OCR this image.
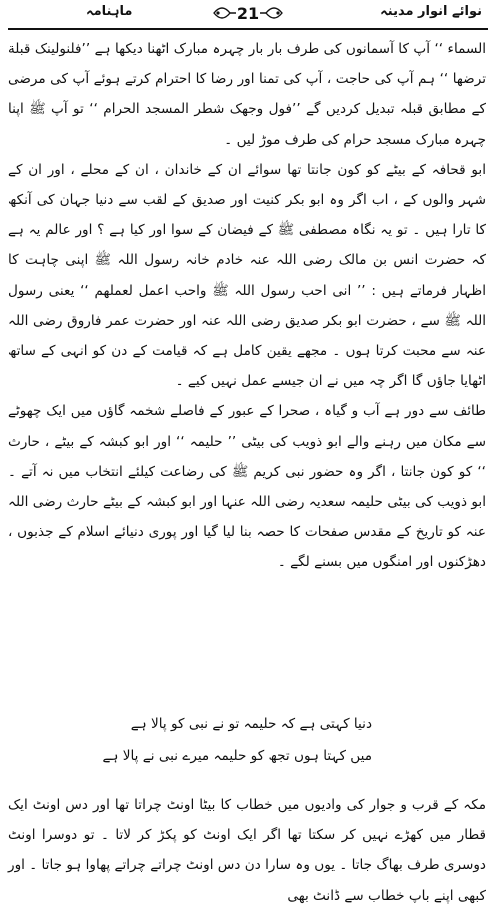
ماہنامہ	21	نوائے انوار مدینہ

السماء ‘‘ آپ کا آسمانوں کی طرف بار بار چہرہ مبارک اٹھنا دیکھا ہے ’’فلنولینک قبلة ترضھا ‘‘ ہم آپ کی حاجت ، آپ کی تمنا اور رضا کا احترام کرتے ہوئے آپ کی مرضی کے مطابق قبلہ تبدیل کردیں گے ’’فول وجھک شطر المسجد الحرام ‘‘ تو آپ ﷺ اپنا چہرہ مبارک مسجد حرام کی طرف موڑ لیں ۔

ابو قحافہ کے بیٹے کو کون جانتا تھا سوائے ان کے خاندان ، ان کے محلے ، اور ان کے شہر والوں کے ، اب اگر وہ ابو بکر کنیت اور صدیق کے لقب سے دنیا جہان کی آنکھ کا تارا ہیں ۔ تو یہ نگاہ مصطفی ﷺ کے فیضان کے سوا اور کیا ہے ؟ اور عالم یہ ہے کہ حضرت انس بن مالک رضی اللہ عنہ خادم خانہ رسول اللہ ﷺ اپنی چاہت کا اظہار فرماتے ہیں : ’’ انی احب رسول اللہ ﷺ واحب اعمل لعملھم ‘‘ یعنی رسول اللہ ﷺ سے ، حضرت ابو بکر صدیق رضی اللہ عنہ اور حضرت عمر فاروق رضی اللہ عنہ سے محبت کرتا ہوں ۔ مجھے یقین کامل ہے کہ قیامت کے دن کو انہی کے ساتھ اٹھایا جاؤں گا اگر چہ میں نے ان جیسے عمل نہیں کیے ۔

طائف سے دور ہے آب و گیاہ ، صحرا کے عبور کے فاصلے شخمہ گاؤں میں ایک چھوٹے سے مکان میں رہنے والے ابو ذویب کی بیٹی ’’ حلیمہ ‘‘ اور ابو کبشہ کے بیٹے ، حارث ‘‘ کو کون جانتا ، اگر وہ حضور نبی کریم ﷺ کی رضاعت کیلئے انتخاب میں نہ آتے ۔ ابو ذویب کی بیٹی حلیمہ سعدیہ رضی اللہ عنہا اور ابو کبشہ کے بیٹے حارث رضی اللہ عنہ کو تاریخ کے مقدس صفحات کا حصہ بنا لیا گیا اور پوری دنیائے اسلام کے جذبوں ، دھڑکنوں اور امنگوں میں بسنے لگے ۔

دنیا کہتی ہے کہ حلیمہ تو نے نبی کو پالا ہے
میں کہتا ہوں تجھ کو حلیمہ میرے نبی نے پالا ہے
مکہ کے قرب و جوار کی وادیوں میں خطاب کا بیٹا اونٹ چراتا تھا اور دس اونٹ ایک قطار میں کھڑے نہیں کر سکتا تھا اگر ایک اونٹ کو پکڑ کر لاتا ۔ تو دوسرا اونٹ دوسری طرف بھاگ جاتا ۔ یوں وہ سارا دن دس اونٹ چراتے چراتے پھاوا ہو جاتا ۔ اور کبھی اپنے باپ خطاب سے ڈانٹ بھی
